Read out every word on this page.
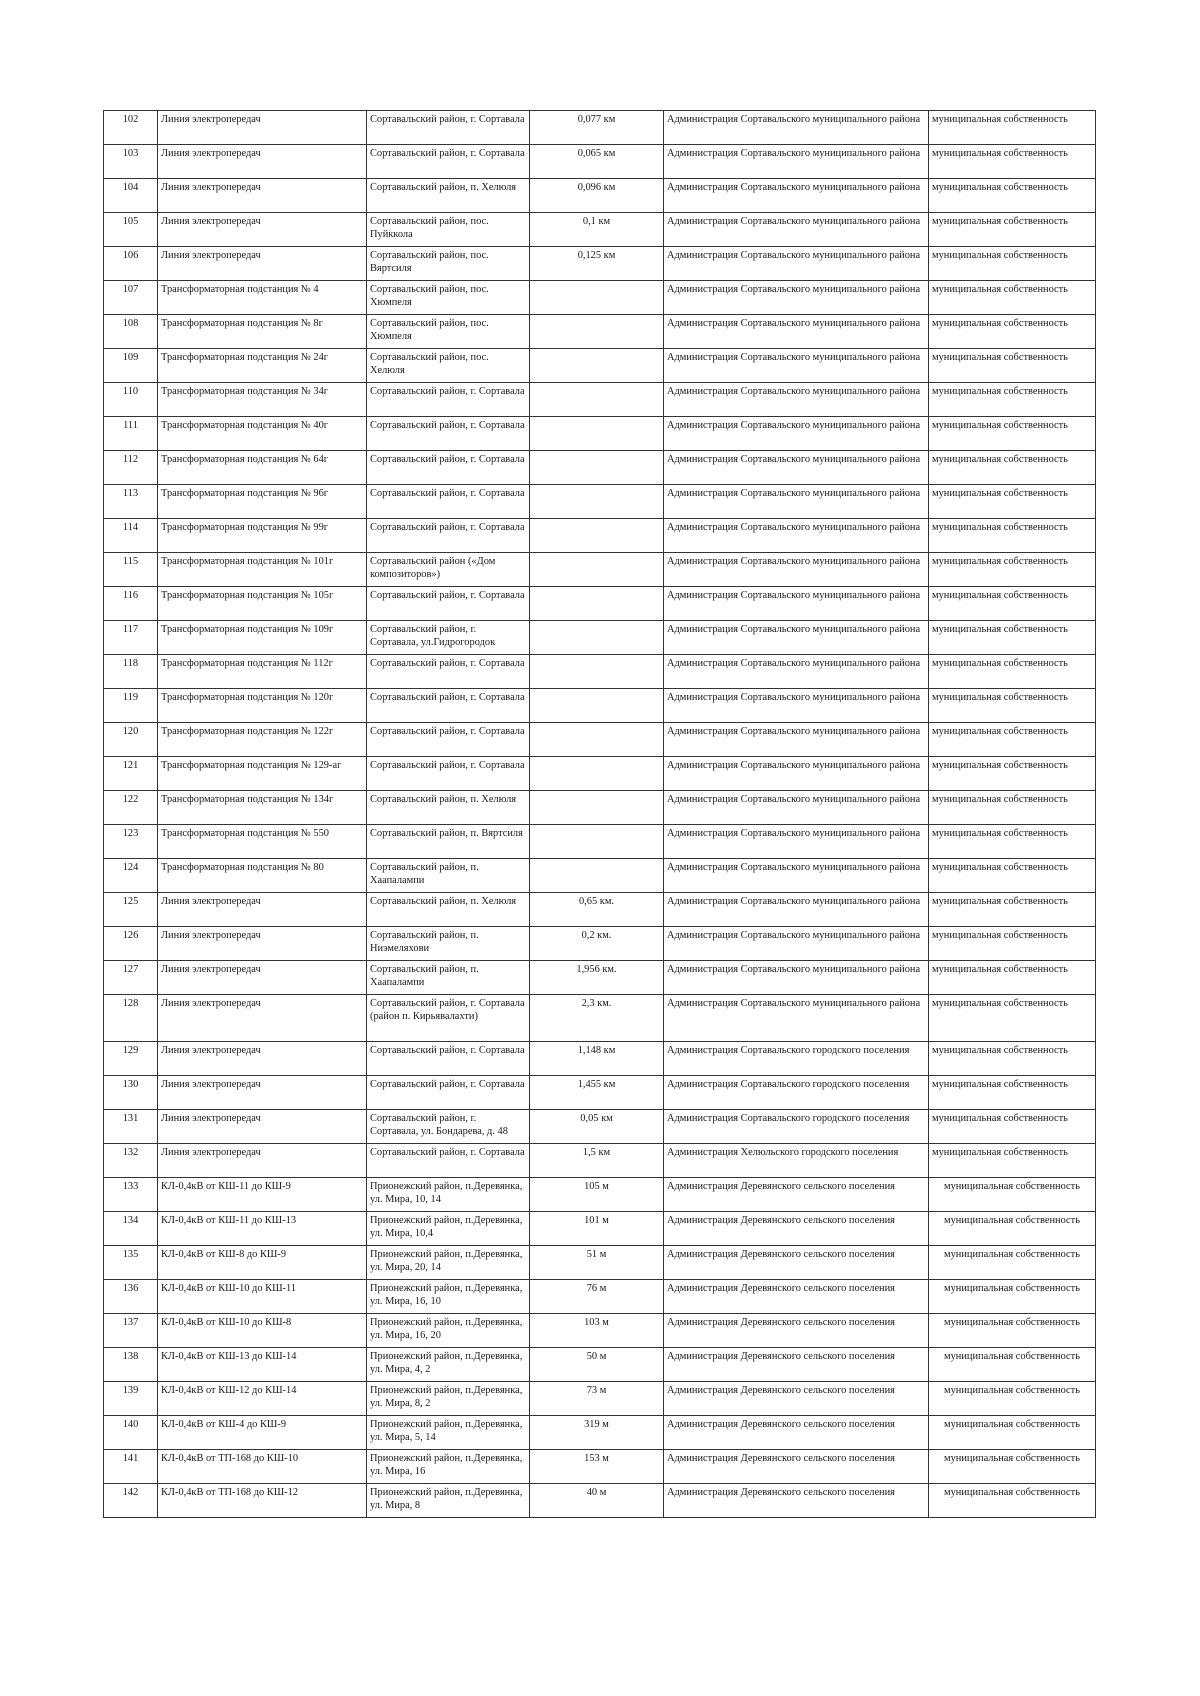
102	Линия электропередач	Сортавальский район, г. Сортавала	0,077 км	Администрация Сортавальского муниципального района	муниципальная собственность
103	Линия электропередач	Сортавальский район, г. Сортавала	0,065 км	Администрация Сортавальского муниципального района	муниципальная собственность
104	Линия электропередач	Сортавальский район, п. Хелюля	0,096 км	Администрация Сортавальского муниципального района	муниципальная собственность
105	Линия электропередач	Сортавальский район, пос. Пуйккола	0,1 км	Администрация Сортавальского муниципального района	муниципальная собственность
106	Линия электропередач	Сортавальский район, пос. Вяртсиля	0,125 км	Администрация Сортавальского муниципального района	муниципальная собственность
107	Трансформаторная подстанция № 4	Сортавальский район, пос. Хюмпеля		Администрация Сортавальского муниципального района	муниципальная собственность
108	Трансформаторная подстанция № 8г	Сортавальский район, пос. Хюмпеля		Администрация Сортавальского муниципального района	муниципальная собственность
109	Трансформаторная подстанция № 24г	Сортавальский район, пос. Хелюля		Администрация Сортавальского муниципального района	муниципальная собственность
110	Трансформаторная подстанция № 34г	Сортавальский район, г. Сортавала		Администрация Сортавальского муниципального района	муниципальная собственность
111	Трансформаторная подстанция № 40г	Сортавальский район, г. Сортавала		Администрация Сортавальского муниципального района	муниципальная собственность
112	Трансформаторная подстанция № 64г	Сортавальский район, г. Сортавала		Администрация Сортавальского муниципального района	муниципальная собственность
113	Трансформаторная подстанция № 96г	Сортавальский район, г. Сортавала		Администрация Сортавальского муниципального района	муниципальная собственность
114	Трансформаторная подстанция № 99г	Сортавальский район, г. Сортавала		Администрация Сортавальского муниципального района	муниципальная собственность
115	Трансформаторная подстанция № 101г	Сортавальский район («Дом композиторов»)		Администрация Сортавальского муниципального района	муниципальная собственность
116	Трансформаторная подстанция № 105г	Сортавальский район, г. Сортавала		Администрация Сортавальского муниципального района	муниципальная собственность
117	Трансформаторная подстанция № 109г	Сортавальский район, г. Сортавала, ул.Гидрогородок		Администрация Сортавальского муниципального района	муниципальная собственность
118	Трансформаторная подстанция № 112г	Сортавальский район, г. Сортавала		Администрация Сортавальского муниципального района	муниципальная собственность
119	Трансформаторная подстанция № 120г	Сортавальский район, г. Сортавала		Администрация Сортавальского муниципального района	муниципальная собственность
120	Трансформаторная подстанция № 122г	Сортавальский район, г. Сортавала		Администрация Сортавальского муниципального района	муниципальная собственность
121	Трансформаторная подстанция № 129-аг	Сортавальский район, г. Сортавала		Администрация Сортавальского муниципального района	муниципальная собственность
122	Трансформаторная подстанция № 134г	Сортавальский район, п. Хелюля		Администрация Сортавальского муниципального района	муниципальная собственность
123	Трансформаторная подстанция № 550	Сортавальский район, п. Вяртсиля		Администрация Сортавальского муниципального района	муниципальная собственность
124	Трансформаторная подстанция № 80	Сортавальский район, п. Хаапалампи		Администрация Сортавальского муниципального района	муниципальная собственность
125	Линия электропередач	Сортавальский район, п. Хелюля	0,65 км.	Администрация Сортавальского муниципального района	муниципальная собственность
126	Линия электропередач	Сортавальский район, п. Ниэмеляхови	0,2 км.	Администрация Сортавальского муниципального района	муниципальная собственность
127	Линия электропередач	Сортавальский район, п. Хаапалампи	1,956 км.	Администрация Сортавальского муниципального района	муниципальная собственность
128	Линия электропередач	Сортавальский район, г. Сортавала (район п. Кирьявалахти)	2,3 км.	Администрация Сортавальского муниципального района	муниципальная собственность
129	Линия электропередач	Сортавальский район, г. Сортавала	1,148 км	Администрация Сортавальского городского поселения	муниципальная собственность
130	Линия электропередач	Сортавальский район, г. Сортавала	1,455 км	Администрация Сортавальского городского поселения	муниципальная собственность
131	Линия электропередач	Сортавальский район, г. Сортавала, ул. Бондарева, д. 48	0,05 км	Администрация Сортавальского городского поселения	муниципальная собственность
132	Линия электропередач	Сортавальский район, г. Сортавала	1,5 км	Администрация Хелюльского городского поселения	муниципальная собственность
133	КЛ-0,4кВ от КШ-11 до КШ-9	Прионежский район, п.Деревянка, ул. Мира, 10, 14	105 м	Администрация Деревянского сельского поселения	муниципальная собственность
134	КЛ-0,4кВ от КШ-11 до КШ-13	Прионежский район, п.Деревянка, ул. Мира, 10,4	101 м	Администрация Деревянского сельского поселения	муниципальная собственность
135	КЛ-0,4кВ от КШ-8 до КШ-9	Прионежский район, п.Деревянка, ул. Мира, 20, 14	51 м	Администрация Деревянского сельского поселения	муниципальная собственность
136	КЛ-0,4кВ от КШ-10 до КШ-11	Прионежский район, п.Деревянка, ул. Мира, 16, 10	76 м	Администрация Деревянского сельского поселения	муниципальная собственность
137	КЛ-0,4кВ от КШ-10 до КШ-8	Прионежский район, п.Деревянка, ул. Мира, 16, 20	103 м	Администрация Деревянского сельского поселения	муниципальная собственность
138	КЛ-0,4кВ от КШ-13 до КШ-14	Прионежский район, п.Деревянка, ул. Мира, 4, 2	50 м	Администрация Деревянского сельского поселения	муниципальная собственность
139	КЛ-0,4кВ от КШ-12 до КШ-14	Прионежский район, п.Деревянка, ул. Мира, 8, 2	73 м	Администрация Деревянского сельского поселения	муниципальная собственность
140	КЛ-0,4кВ от КШ-4 до КШ-9	Прионежский район, п.Деревянка, ул. Мира, 5, 14	319 м	Администрация Деревянского сельского поселения	муниципальная собственность
141	КЛ-0,4кВ от ТП-168 до КШ-10	Прионежский район, п.Деревянка, ул. Мира, 16	153 м	Администрация Деревянского сельского поселения	муниципальная собственность
142	КЛ-0,4кВ от ТП-168 до КШ-12	Прионежский район, п.Деревянка, ул. Мира, 8	40 м	Администрация Деревянского сельского поселения	муниципальная собственность
